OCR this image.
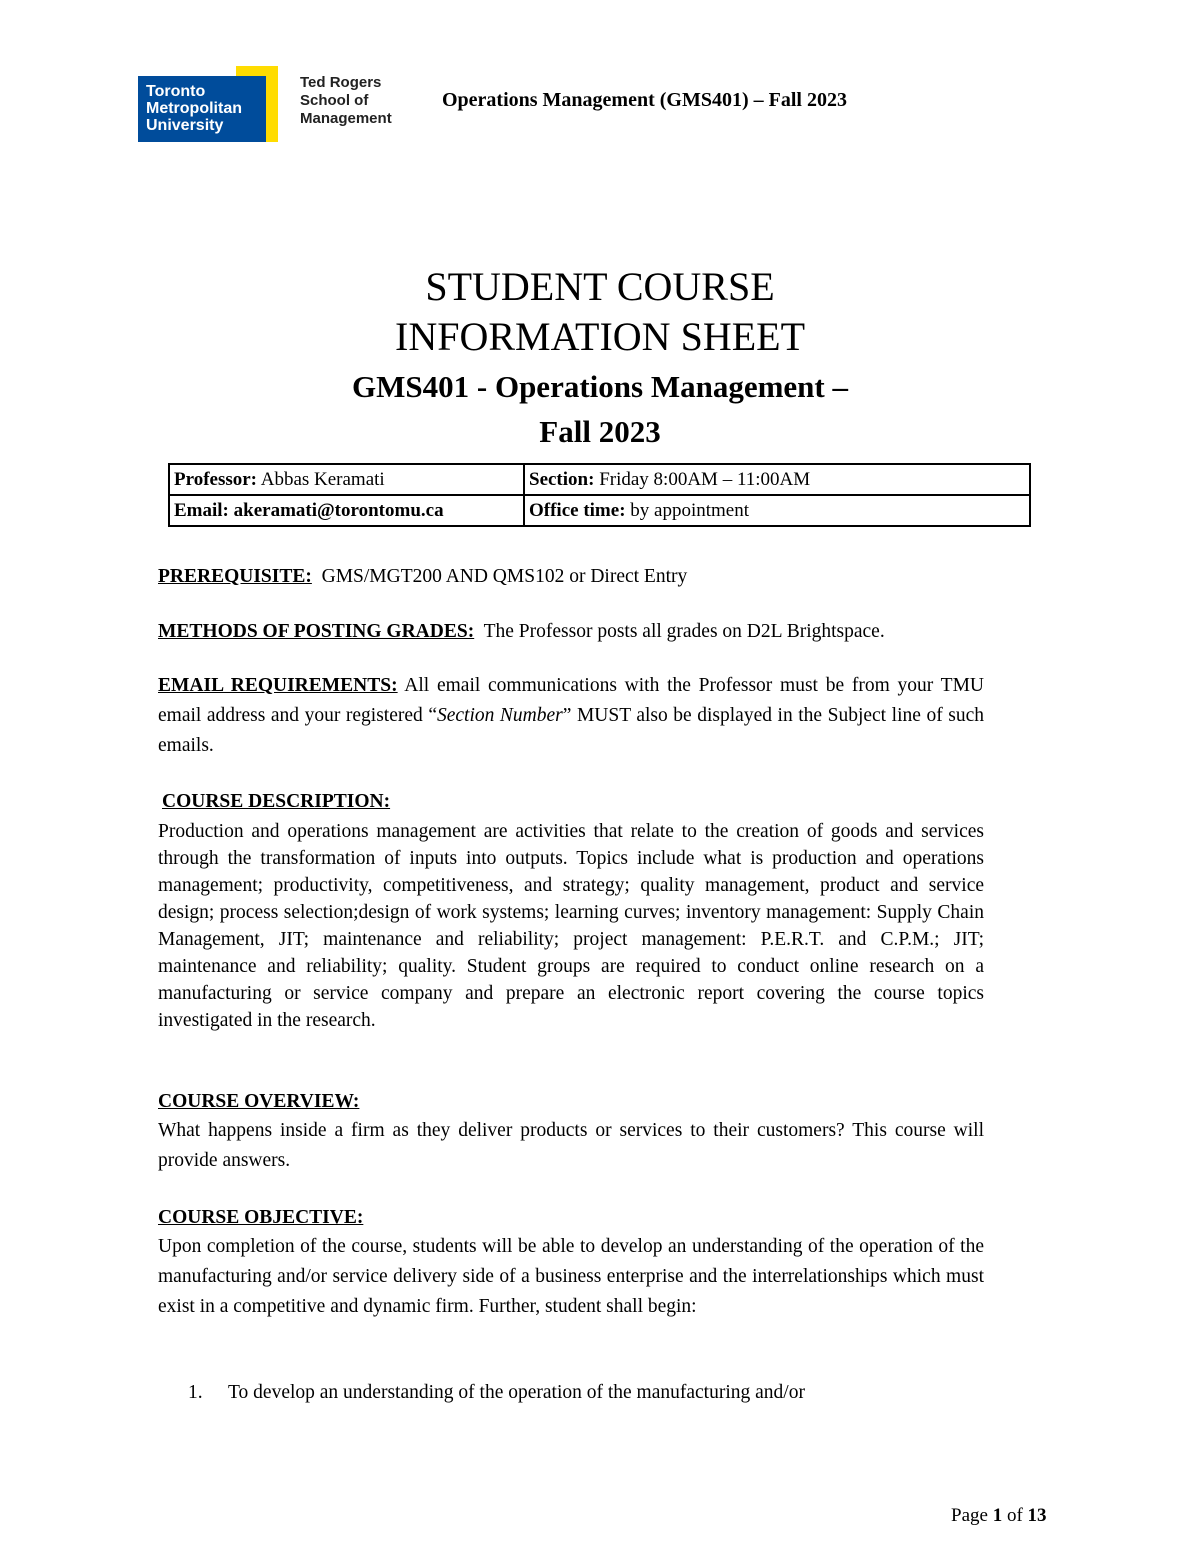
Toronto
Metropolitan
University
Ted Rogers
School of
Management
Operations Management (GMS401) – Fall 2023
STUDENT COURSE
INFORMATION SHEET
GMS401 - Operations Management –
Fall 2023
Professor: Abbas Keramati	Section: Friday 8:00AM – 11:00AM
Email: akeramati@torontomu.ca	Office time: by appointment
PREREQUISITE:  GMS/MGT200 AND QMS102 or Direct Entry
METHODS OF POSTING GRADES:  The Professor posts all grades on D2L Brightspace.
EMAIL REQUIREMENTS: All email communications with the Professor must be from your TMU email address and your registered “Section Number” MUST also be displayed in the Subject line of such emails.
COURSE DESCRIPTION:
Production and operations management are activities that relate to the creation of goods and services through the transformation of inputs into outputs. Topics include what is production and operations management; productivity, competitiveness, and strategy; quality management, product and service design; process selection;design of work systems; learning curves; inventory management: Supply Chain Management, JIT; maintenance and reliability; project management: P.E.R.T. and C.P.M.; JIT; maintenance and reliability; quality. Student groups are required to conduct online research on a manufacturing or service company and prepare an electronic report covering the course topics investigated in the research.
COURSE OVERVIEW:
What happens inside a firm as they deliver products or services to their customers? This course will provide answers.
COURSE OBJECTIVE:
Upon completion of the course, students will be able to develop an understanding of the operation of the manufacturing and/or service delivery side of a business enterprise and the interrelationships which must exist in a competitive and dynamic firm. Further, student shall begin:
1. To develop an understanding of the operation of the manufacturing and/or
Page 1 of 13
